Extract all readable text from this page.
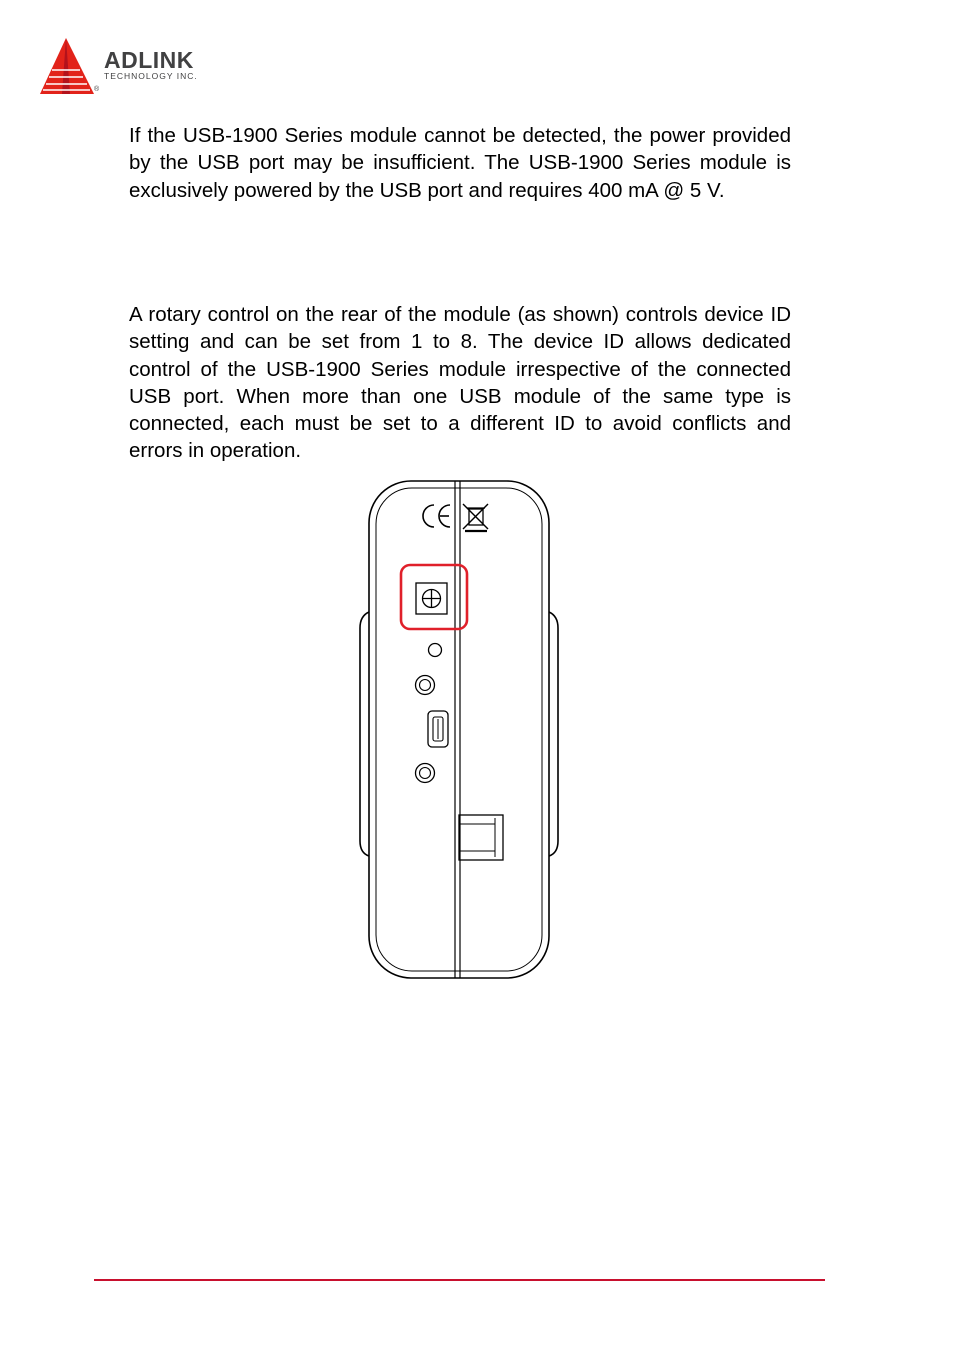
ADLINK
TECHNOLOGY INC.
®

If the USB-1900 Series module cannot be detected, the power provided by the USB port may be insufficient. The USB-1900 Series module is exclusively powered by the USB port and requires 400 mA @ 5 V.

A rotary control on the rear of the module (as shown) controls device ID setting and can be set from 1 to 8. The device ID allows dedicated control of the USB-1900 Series module irrespective of the connected USB port. When more than one USB module of the same type is connected, each must be set to a different ID to avoid conflicts and errors in operation.
